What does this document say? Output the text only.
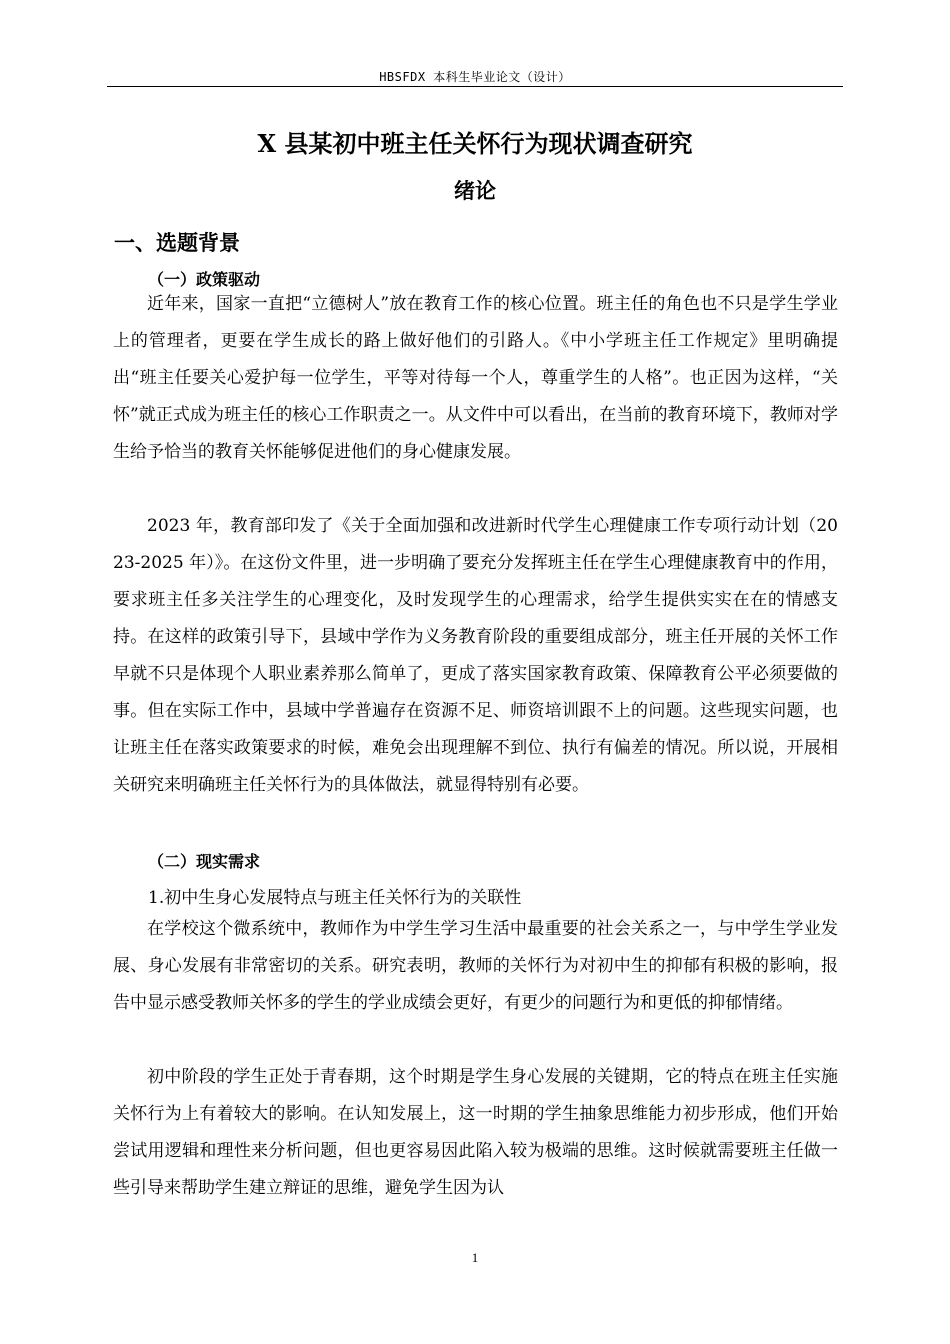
HBSFDX 本科生毕业论文（设计）
X 县某初中班主任关怀行为现状调查研究
绪论
一、选题背景
（一）政策驱动

近年来，国家一直把“立德树人”放在教育工作的核心位置。班主任的角色也不只是学生学业上的管理者，更要在学生成长的路上做好他们的引路人。《中小学班主任工作规定》里明确提出“班主任要关心爱护每一位学生，平等对待每一个人，尊重学生的人格”。也正因为这样，“关怀”就正式成为班主任的核心工作职责之一。从文件中可以看出，在当前的教育环境下，教师对学生给予恰当的教育关怀能够促进他们的身心健康发展。

2023 年，教育部印发了《关于全面加强和改进新时代学生心理健康工作专项行动计划（2023-2025 年）》。在这份文件里，进一步明确了要充分发挥班主任在学生心理健康教育中的作用，要求班主任多关注学生的心理变化，及时发现学生的心理需求，给学生提供实实在在的情感支持。在这样的政策引导下，县域中学作为义务教育阶段的重要组成部分，班主任开展的关怀工作早就不只是体现个人职业素养那么简单了，更成了落实国家教育政策、保障教育公平必须要做的事。但在实际工作中，县域中学普遍存在资源不足、师资培训跟不上的问题。这些现实问题，也让班主任在落实政策要求的时候，难免会出现理解不到位、执行有偏差的情况。所以说，开展相关研究来明确班主任关怀行为的具体做法，就显得特别有必要。

（二）现实需求
1.初中生身心发展特点与班主任关怀行为的关联性

在学校这个微系统中，教师作为中学生学习生活中最重要的社会关系之一，与中学生学业发展、身心发展有非常密切的关系。研究表明，教师的关怀行为对初中生的抑郁有积极的影响，报告中显示感受教师关怀多的学生的学业成绩会更好，有更少的问题行为和更低的抑郁情绪。

初中阶段的学生正处于青春期，这个时期是学生身心发展的关键期，它的特点在班主任实施关怀行为上有着较大的影响。在认知发展上，这一时期的学生抽象思维能力初步形成，他们开始尝试用逻辑和理性来分析问题，但也更容易因此陷入较为极端的思维。这时候就需要班主任做一些引导来帮助学生建立辩证的思维，避免学生因为认

1
